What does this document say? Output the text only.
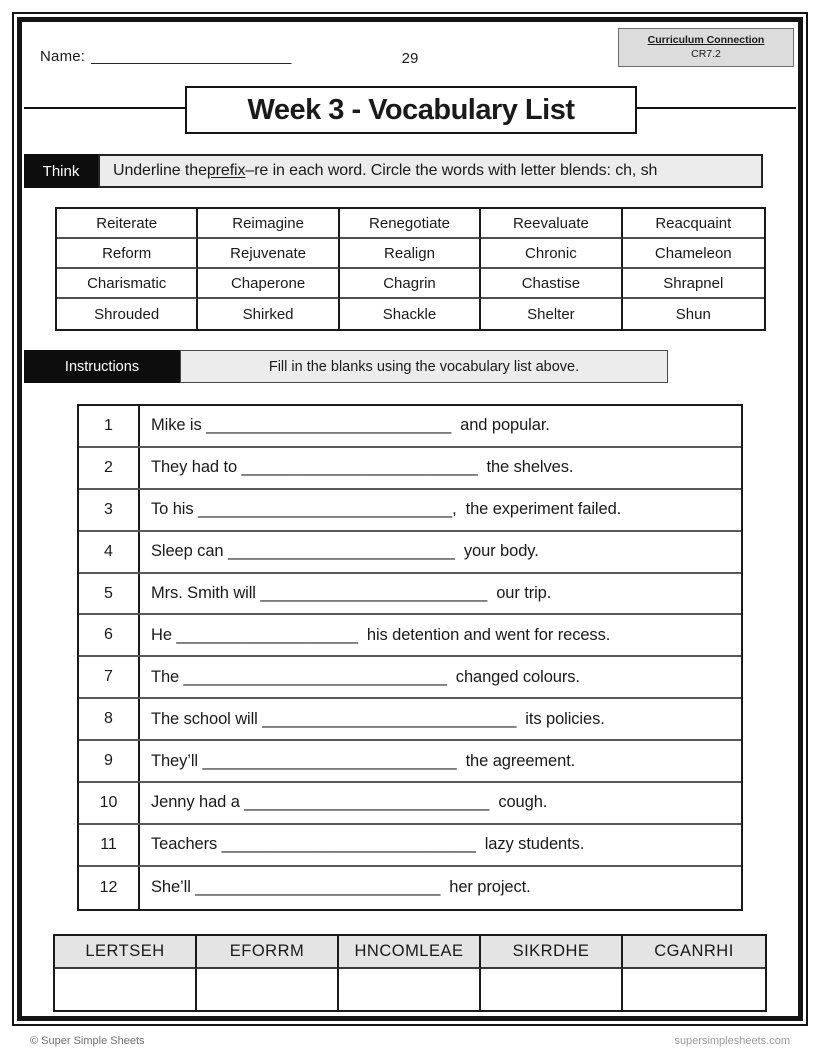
Name: ________________________	29
Curriculum Connection
CR7.2
Week 3 - Vocabulary List
Think	Underline the prefix –re in each word. Circle the words with letter blends: ch, sh
Reiterate	Reimagine	Renegotiate	Reevaluate	Reacquaint
Reform	Rejuvenate	Realign	Chronic	Chameleon
Charismatic	Chaperone	Chagrin	Chastise	Shrapnel
Shrouded	Shirked	Shackle	Shelter	Shun
Instructions	Fill in the blanks using the vocabulary list above.
1	Mike is ___________________________  and popular.
2	They had to __________________________  the shelves.
3	To his ____________________________,  the experiment failed.
4	Sleep can _________________________  your body.
5	Mrs. Smith will _________________________  our trip.
6	He ____________________  his detention and went for recess.
7	The _____________________________  changed colours.
8	The school will ____________________________  its policies.
9	They’ll ____________________________  the agreement.
10	Jenny had a ___________________________  cough.
11	Teachers ____________________________  lazy students.
12	She’ll ___________________________  her project.
LERTSEH	EFORRM	HNCOMLEAE	SIKRDHE	CGANRHI
© Super Simple Sheets	supersimplesheets.com
